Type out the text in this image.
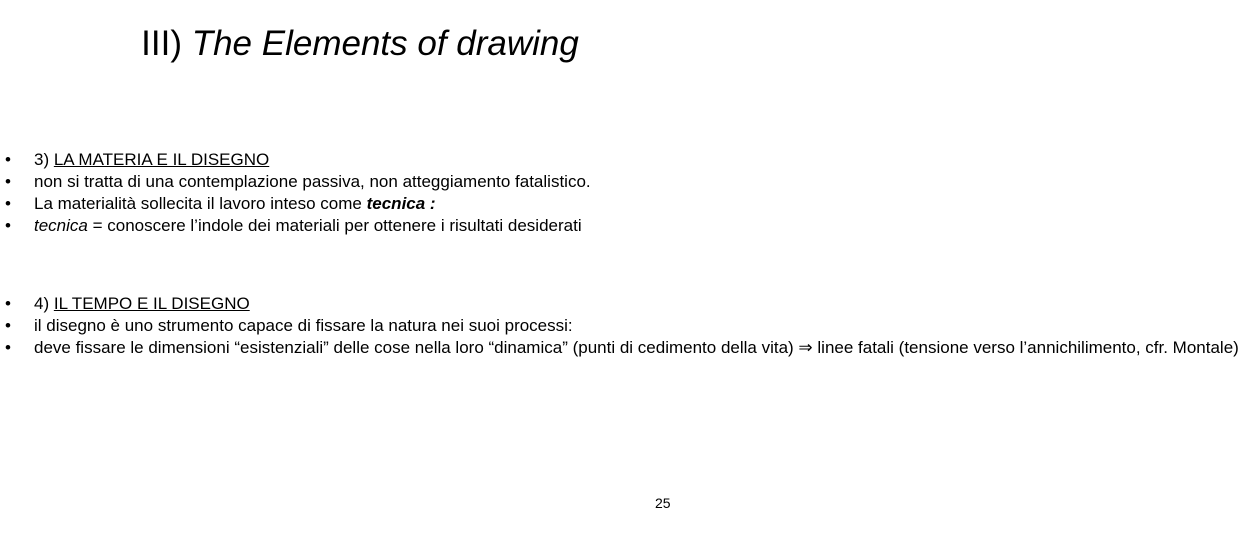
III) The Elements of drawing
• 3) LA MATERIA E IL DISEGNO
• non si tratta di una contemplazione passiva, non atteggiamento fatalistico.
• La materialità sollecita il lavoro inteso come tecnica :
• tecnica = conoscere l’indole dei materiali per ottenere i risultati desiderati
• 4) IL TEMPO E IL DISEGNO
• il disegno è uno strumento capace di fissare la natura nei suoi processi:
• deve fissare le dimensioni “esistenziali” delle cose nella loro “dinamica” (punti di cedimento della vita) ⇒ linee fatali (tensione verso l’annichilimento, cfr. Montale)
25
